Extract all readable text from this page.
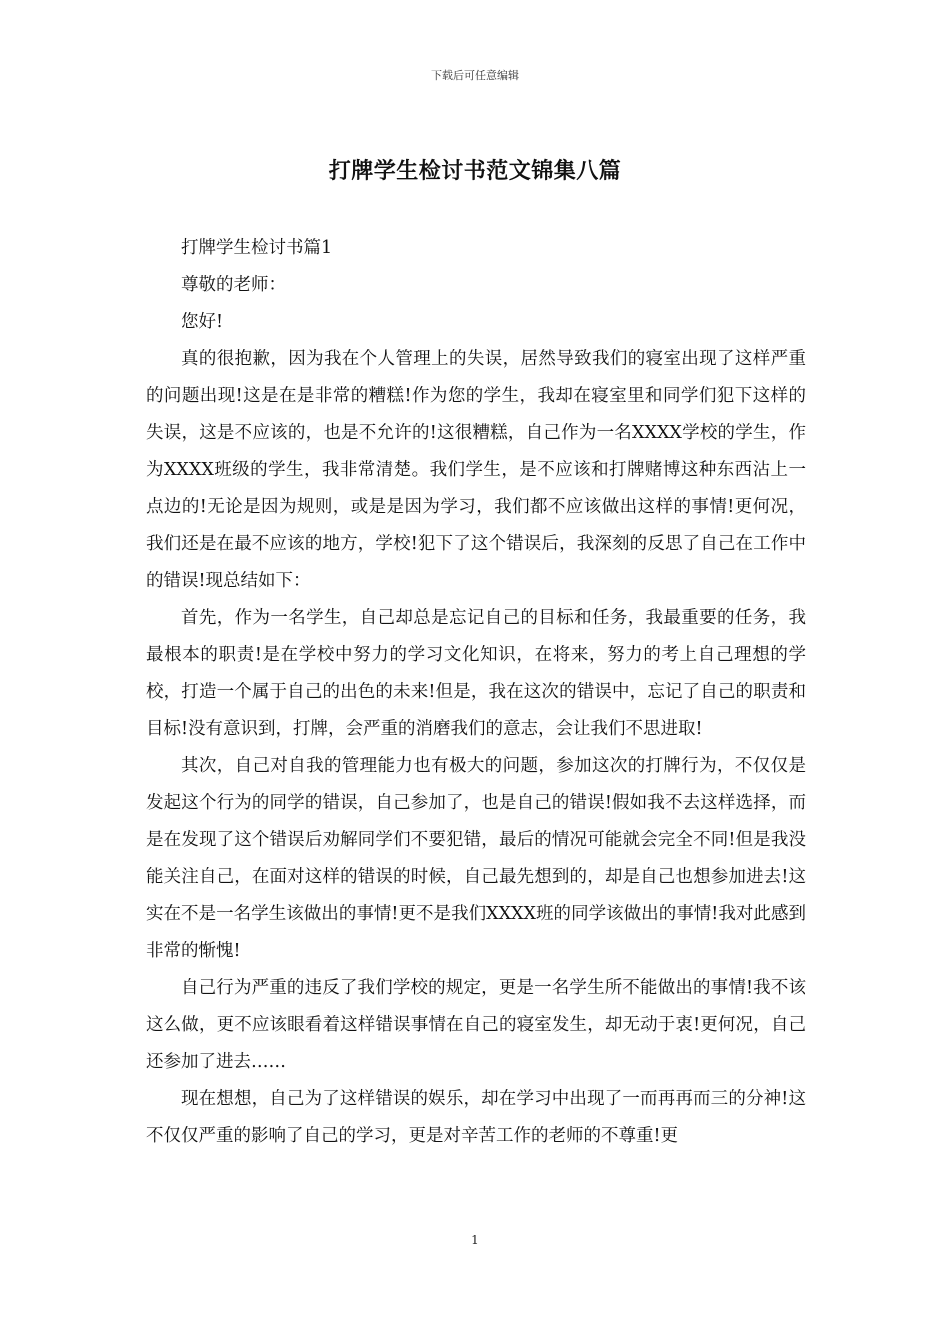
下载后可任意编辑
打牌学生检讨书范文锦集八篇

打牌学生检讨书篇1

尊敬的老师：

您好!

真的很抱歉，因为我在个人管理上的失误，居然导致我们的寝室出现了这样严重的问题出现!这是在是非常的糟糕!作为您的学生，我却在寝室里和同学们犯下这样的失误，这是不应该的，也是不允许的!这很糟糕，自己作为一名XXXX学校的学生，作为XXXX班级的学生，我非常清楚。我们学生，是不应该和打牌赌博这种东西沾上一点边的!无论是因为规则，或是是因为学习，我们都不应该做出这样的事情!更何况，我们还是在最不应该的地方，学校!犯下了这个错误后，我深刻的反思了自己在工作中的错误!现总结如下：

首先，作为一名学生，自己却总是忘记自己的目标和任务，我最重要的任务，我最根本的职责!是在学校中努力的学习文化知识，在将来，努力的考上自己理想的学校，打造一个属于自己的出色的未来!但是，我在这次的错误中，忘记了自己的职责和目标!没有意识到，打牌，会严重的消磨我们的意志，会让我们不思进取!

其次，自己对自我的管理能力也有极大的问题，参加这次的打牌行为，不仅仅是发起这个行为的同学的错误，自己参加了，也是自己的错误!假如我不去这样选择，而是在发现了这个错误后劝解同学们不要犯错，最后的情况可能就会完全不同!但是我没能关注自己，在面对这样的错误的时候，自己最先想到的，却是自己也想参加进去!这实在不是一名学生该做出的事情!更不是我们XXXX班的同学该做出的事情!我对此感到非常的惭愧!

自己行为严重的违反了我们学校的规定，更是一名学生所不能做出的事情!我不该这么做，更不应该眼看着这样错误事情在自己的寝室发生，却无动于衷!更何况，自己还参加了进去……

现在想想，自己为了这样错误的娱乐，却在学习中出现了一而再再而三的分神!这不仅仅严重的影响了自己的学习，更是对辛苦工作的老师的不尊重!更

1
